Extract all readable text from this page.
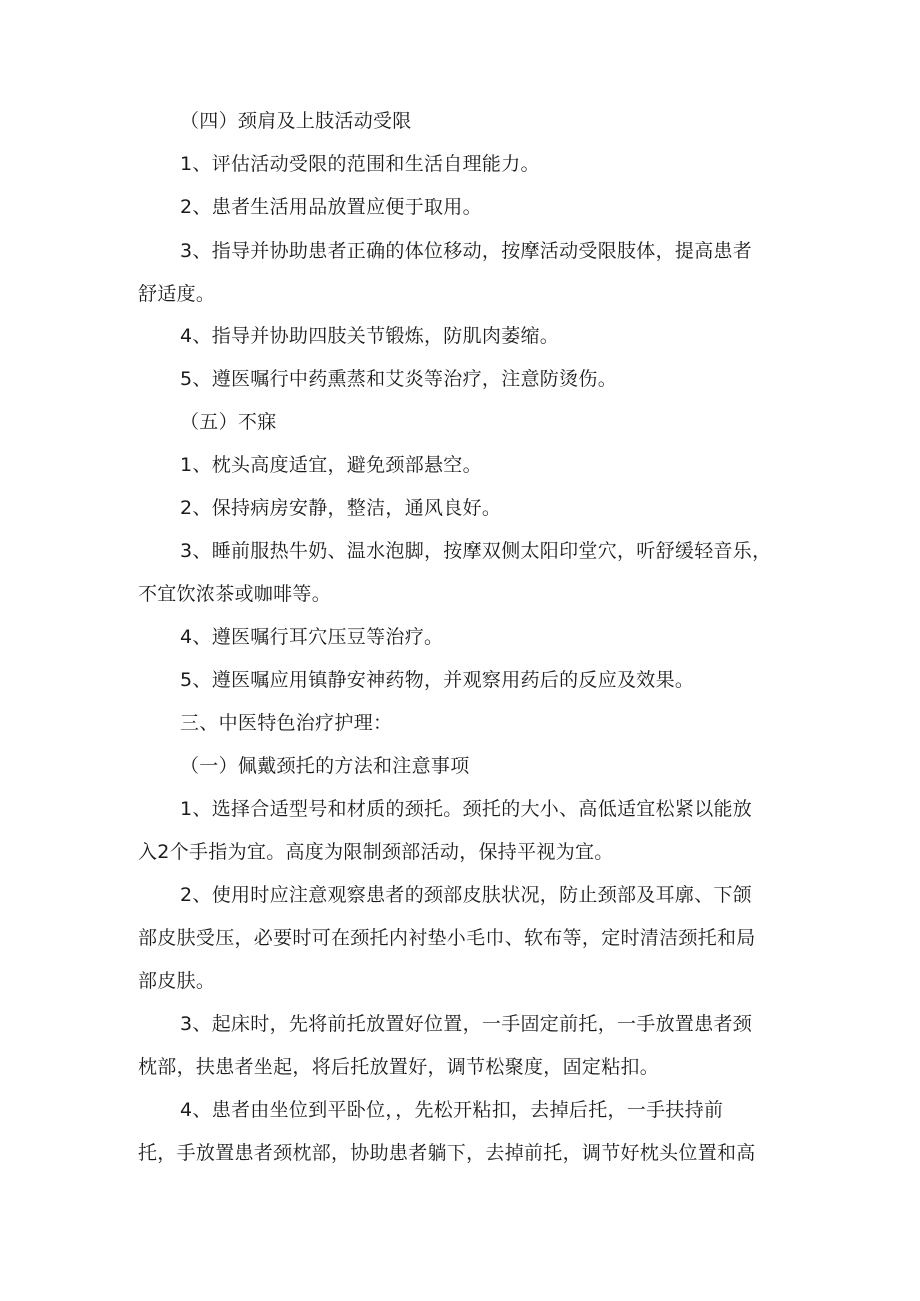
（四）颈肩及上肢活动受限
1、评估活动受限的范围和生活自理能力。
2、患者生活用品放置应便于取用。
3、指导并协助患者正确的体位移动，按摩活动受限肢体，提高患者
舒适度。
4、指导并协助四肢关节锻炼，防肌肉萎缩。
5、遵医嘱行中药熏蒸和艾炎等治疗，注意防烫伤。
（五）不寐
1、枕头高度适宜，避免颈部悬空。
2、保持病房安静，整洁，通风良好。
3、睡前服热牛奶、温水泡脚，按摩双侧太阳印堂穴，听舒缓轻音乐，
不宜饮浓茶或咖啡等。
4、遵医嘱行耳穴压豆等治疗。
5、遵医嘱应用镇静安神药物，并观察用药后的反应及效果。
三、中医特色治疗护理：
（一）佩戴颈托的方法和注意事项
1、选择合适型号和材质的颈托。颈托的大小、高低适宜松紧以能放
入2个手指为宜。高度为限制颈部活动，保持平视为宜。
2、使用时应注意观察患者的颈部皮肤状况，防止颈部及耳廓、下颌
部皮肤受压，必要时可在颈托内衬垫小毛巾、软布等，定时清洁颈托和局
部皮肤。
3、起床时，先将前托放置好位置，一手固定前托，一手放置患者颈
枕部，扶患者坐起，将后托放置好，调节松聚度，固定粘扣。
4、患者由坐位到平卧位，，先松开粘扣，去掉后托，一手扶持前
托，手放置患者颈枕部，协助患者躺下，去掉前托，调节好枕头位置和高
